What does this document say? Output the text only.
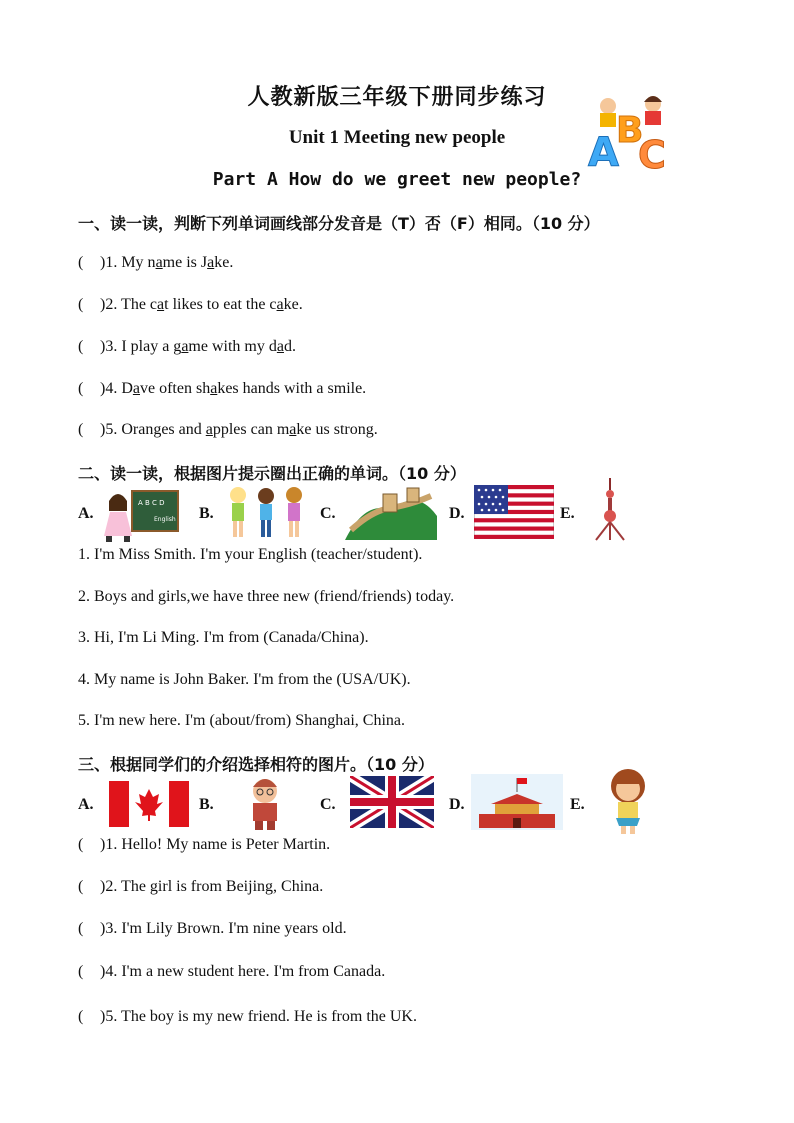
人教新版三年级下册同步练习
Unit 1 Meeting new people
Part A How do we greet new people?
A
B
C
一、读一读，判断下列单词画线部分发音是（T）否（F）相同。（10 分）
( )1. My name is Jake.
( )2. The cat likes to eat the cake.
( )3. I play a game with my dad.
( )4. Dave often shakes hands with a smile.
( )5. Oranges and apples can make us strong.
二、读一读，根据图片提示圈出正确的单词。（10 分）
A.
A B C D
English B.	C.	D.	E.
1. I'm Miss Smith. I'm your English (teacher/student).
2. Boys and girls,we have three new (friend/friends) today.
3. Hi, I'm Li Ming. I'm from (Canada/China).
4. My name is John Baker. I'm from the (USA/UK).
5. I'm new here. I'm (about/from) Shanghai, China.
三、根据同学们的介绍选择相符的图片。（10 分）
A.	B.	C.	D.	E.
( )1. Hello! My name is Peter Martin.
( )2. The girl is from Beijing, China.
( )3. I'm Lily Brown. I'm nine years old.
( )4. I'm a new student here. I'm from Canada.
( )5. The boy is my new friend. He is from the UK.
